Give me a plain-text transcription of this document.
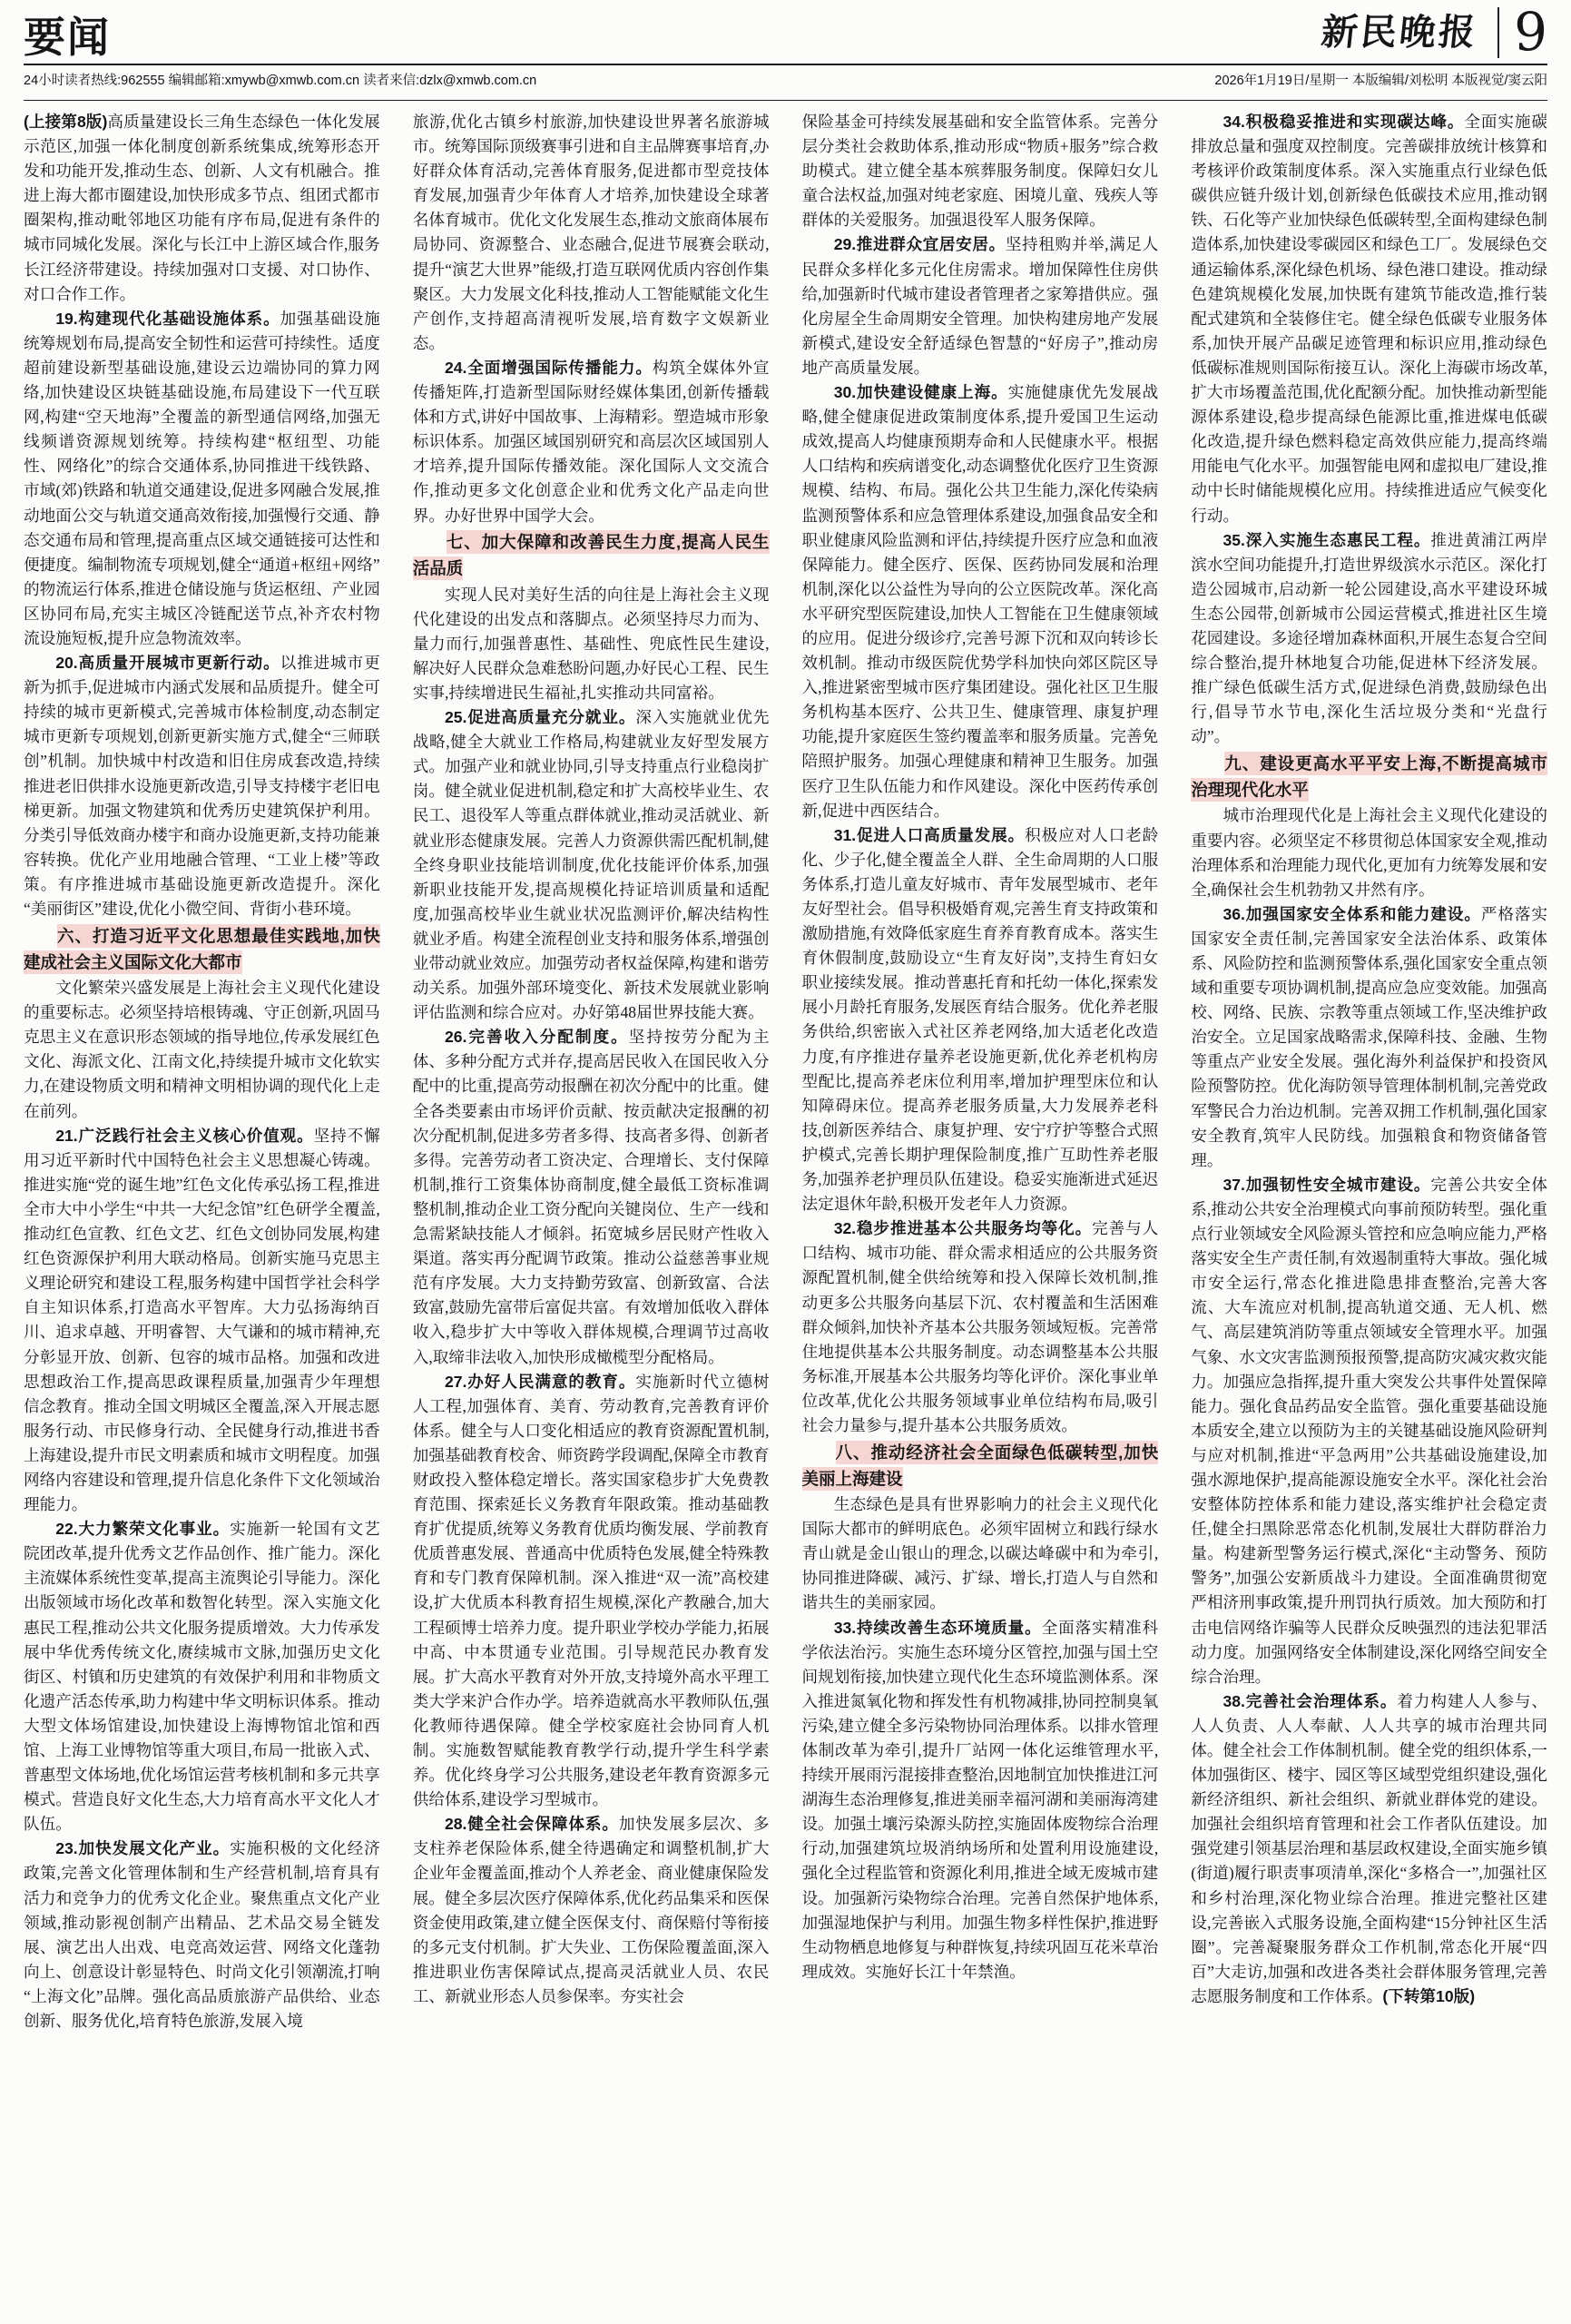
要闻	新民晚报 9
24小时读者热线:962555 编辑邮箱:xmywb@xmwb.com.cn 读者来信:dzlx@xmwb.com.cn	2026年1月19日/星期一 本版编辑/刘松明 本版视觉/窦云阳

(上接第8版)高质量建设长三角生态绿色一体化发展示范区,加强一体化制度创新系统集成,统筹形态开发和功能开发,推动生态、创新、人文有机融合。推进上海大都市圈建设,加快形成多节点、组团式都市圈架构,推动毗邻地区功能有序布局,促进有条件的城市同城化发展。深化与长江中上游区域合作,服务长江经济带建设。持续加强对口支援、对口协作、对口合作工作。

19.构建现代化基础设施体系。加强基础设施统筹规划布局,提高安全韧性和运营可持续性。适度超前建设新型基础设施,建设云边端协同的算力网络,加快建设区块链基础设施,布局建设下一代互联网,构建“空天地海”全覆盖的新型通信网络,加强无线频谱资源规划统筹。持续构建“枢纽型、功能性、网络化”的综合交通体系,协同推进干线铁路、市域(郊)铁路和轨道交通建设,促进多网融合发展,推动地面公交与轨道交通高效衔接,加强慢行交通、静态交通布局和管理,提高重点区域交通链接可达性和便捷度。编制物流专项规划,健全“通道+枢纽+网络”的物流运行体系,推进仓储设施与货运枢纽、产业园区协同布局,充实主城区冷链配送节点,补齐农村物流设施短板,提升应急物流效率。

20.高质量开展城市更新行动。以推进城市更新为抓手,促进城市内涵式发展和品质提升。健全可持续的城市更新模式,完善城市体检制度,动态制定城市更新专项规划,创新更新实施方式,健全“三师联创”机制。加快城中村改造和旧住房成套改造,持续推进老旧供排水设施更新改造,引导支持楼宇老旧电梯更新。加强文物建筑和优秀历史建筑保护利用。分类引导低效商办楼宇和商办设施更新,支持功能兼容转换。优化产业用地融合管理、“工业上楼”等政策。有序推进城市基础设施更新改造提升。深化“美丽街区”建设,优化小微空间、背街小巷环境。

六、打造习近平文化思想最佳实践地,加快建成社会主义国际文化大都市

文化繁荣兴盛发展是上海社会主义现代化建设的重要标志。必须坚持培根铸魂、守正创新,巩固马克思主义在意识形态领域的指导地位,传承发展红色文化、海派文化、江南文化,持续提升城市文化软实力,在建设物质文明和精神文明相协调的现代化上走在前列。

21.广泛践行社会主义核心价值观。坚持不懈用习近平新时代中国特色社会主义思想凝心铸魂。推进实施“党的诞生地”红色文化传承弘扬工程,推进全市大中小学生“中共一大纪念馆”红色研学全覆盖,推动红色宣教、红色文艺、红色文创协同发展,构建红色资源保护利用大联动格局。创新实施马克思主义理论研究和建设工程,服务构建中国哲学社会科学自主知识体系,打造高水平智库。大力弘扬海纳百川、追求卓越、开明睿智、大气谦和的城市精神,充分彰显开放、创新、包容的城市品格。加强和改进思想政治工作,提高思政课程质量,加强青少年理想信念教育。推动全国文明城区全覆盖,深入开展志愿服务行动、市民修身行动、全民健身行动,推进书香上海建设,提升市民文明素质和城市文明程度。加强网络内容建设和管理,提升信息化条件下文化领域治理能力。

22.大力繁荣文化事业。实施新一轮国有文艺院团改革,提升优秀文艺作品创作、推广能力。深化主流媒体系统性变革,提高主流舆论引导能力。深化出版领域市场化改革和数智化转型。深入实施文化惠民工程,推动公共文化服务提质增效。大力传承发展中华优秀传统文化,赓续城市文脉,加强历史文化街区、村镇和历史建筑的有效保护利用和非物质文化遗产活态传承,助力构建中华文明标识体系。推动大型文体场馆建设,加快建设上海博物馆北馆和西馆、上海工业博物馆等重大项目,布局一批嵌入式、普惠型文体场地,优化场馆运营考核机制和多元共享模式。营造良好文化生态,大力培育高水平文化人才队伍。

23.加快发展文化产业。实施积极的文化经济政策,完善文化管理体制和生产经营机制,培育具有活力和竞争力的优秀文化企业。聚焦重点文化产业领域,推动影视创制产出精品、艺术品交易全链发展、演艺出人出戏、电竞高效运营、网络文化蓬勃向上、创意设计彰显特色、时尚文化引领潮流,打响“上海文化”品牌。强化高品质旅游产品供给、业态创新、服务优化,培育特色旅游,发展入境

旅游,优化古镇乡村旅游,加快建设世界著名旅游城市。统筹国际顶级赛事引进和自主品牌赛事培育,办好群众体育活动,完善体育服务,促进都市型竞技体育发展,加强青少年体育人才培养,加快建设全球著名体育城市。优化文化发展生态,推动文旅商体展布局协同、资源整合、业态融合,促进节展赛会联动,提升“演艺大世界”能级,打造互联网优质内容创作集聚区。大力发展文化科技,推动人工智能赋能文化生产创作,支持超高清视听发展,培育数字文娱新业态。

24.全面增强国际传播能力。构筑全媒体外宣传播矩阵,打造新型国际财经媒体集团,创新传播载体和方式,讲好中国故事、上海精彩。塑造城市形象标识体系。加强区域国别研究和高层次区域国别人才培养,提升国际传播效能。深化国际人文交流合作,推动更多文化创意企业和优秀文化产品走向世界。办好世界中国学大会。

七、加大保障和改善民生力度,提高人民生活品质

实现人民对美好生活的向往是上海社会主义现代化建设的出发点和落脚点。必须坚持尽力而为、量力而行,加强普惠性、基础性、兜底性民生建设,解决好人民群众急难愁盼问题,办好民心工程、民生实事,持续增进民生福祉,扎实推动共同富裕。

25.促进高质量充分就业。深入实施就业优先战略,健全大就业工作格局,构建就业友好型发展方式。加强产业和就业协同,引导支持重点行业稳岗扩岗。健全就业促进机制,稳定和扩大高校毕业生、农民工、退役军人等重点群体就业,推动灵活就业、新就业形态健康发展。完善人力资源供需匹配机制,健全终身职业技能培训制度,优化技能评价体系,加强新职业技能开发,提高规模化持证培训质量和适配度,加强高校毕业生就业状况监测评价,解决结构性就业矛盾。构建全流程创业支持和服务体系,增强创业带动就业效应。加强劳动者权益保障,构建和谐劳动关系。加强外部环境变化、新技术发展就业影响评估监测和综合应对。办好第48届世界技能大赛。

26.完善收入分配制度。坚持按劳分配为主体、多种分配方式并存,提高居民收入在国民收入分配中的比重,提高劳动报酬在初次分配中的比重。健全各类要素由市场评价贡献、按贡献决定报酬的初次分配机制,促进多劳者多得、技高者多得、创新者多得。完善劳动者工资决定、合理增长、支付保障机制,推行工资集体协商制度,健全最低工资标准调整机制,推动企业工资分配向关键岗位、生产一线和急需紧缺技能人才倾斜。拓宽城乡居民财产性收入渠道。落实再分配调节政策。推动公益慈善事业规范有序发展。大力支持勤劳致富、创新致富、合法致富,鼓励先富带后富促共富。有效增加低收入群体收入,稳步扩大中等收入群体规模,合理调节过高收入,取缔非法收入,加快形成橄榄型分配格局。

27.办好人民满意的教育。实施新时代立德树人工程,加强体育、美育、劳动教育,完善教育评价体系。健全与人口变化相适应的教育资源配置机制,加强基础教育校舍、师资跨学段调配,保障全市教育财政投入整体稳定增长。落实国家稳步扩大免费教育范围、探索延长义务教育年限政策。推动基础教育扩优提质,统筹义务教育优质均衡发展、学前教育优质普惠发展、普通高中优质特色发展,健全特殊教育和专门教育保障机制。深入推进“双一流”高校建设,扩大优质本科教育招生规模,深化产教融合,加大工程硕博士培养力度。提升职业学校办学能力,拓展中高、中本贯通专业范围。引导规范民办教育发展。扩大高水平教育对外开放,支持境外高水平理工类大学来沪合作办学。培养造就高水平教师队伍,强化教师待遇保障。健全学校家庭社会协同育人机制。实施数智赋能教育教学行动,提升学生科学素养。优化终身学习公共服务,建设老年教育资源多元供给体系,建设学习型城市。

28.健全社会保障体系。加快发展多层次、多支柱养老保险体系,健全待遇确定和调整机制,扩大企业年金覆盖面,推动个人养老金、商业健康保险发展。健全多层次医疗保障体系,优化药品集采和医保资金使用政策,建立健全医保支付、商保赔付等衔接的多元支付机制。扩大失业、工伤保险覆盖面,深入推进职业伤害保障试点,提高灵活就业人员、农民工、新就业形态人员参保率。夯实社会

保险基金可持续发展基础和安全监管体系。完善分层分类社会救助体系,推动形成“物质+服务”综合救助模式。建立健全基本殡葬服务制度。保障妇女儿童合法权益,加强对纯老家庭、困境儿童、残疾人等群体的关爱服务。加强退役军人服务保障。

29.推进群众宜居安居。坚持租购并举,满足人民群众多样化多元化住房需求。增加保障性住房供给,加强新时代城市建设者管理者之家筹措供应。强化房屋全生命周期安全管理。加快构建房地产发展新模式,建设安全舒适绿色智慧的“好房子”,推动房地产高质量发展。

30.加快建设健康上海。实施健康优先发展战略,健全健康促进政策制度体系,提升爱国卫生运动成效,提高人均健康预期寿命和人民健康水平。根据人口结构和疾病谱变化,动态调整优化医疗卫生资源规模、结构、布局。强化公共卫生能力,深化传染病监测预警体系和应急管理体系建设,加强食品安全和职业健康风险监测和评估,持续提升医疗应急和血液保障能力。健全医疗、医保、医药协同发展和治理机制,深化以公益性为导向的公立医院改革。深化高水平研究型医院建设,加快人工智能在卫生健康领域的应用。促进分级诊疗,完善号源下沉和双向转诊长效机制。推动市级医院优势学科加快向郊区院区导入,推进紧密型城市医疗集团建设。强化社区卫生服务机构基本医疗、公共卫生、健康管理、康复护理功能,提升家庭医生签约覆盖率和服务质量。完善免陪照护服务。加强心理健康和精神卫生服务。加强医疗卫生队伍能力和作风建设。深化中医药传承创新,促进中西医结合。

31.促进人口高质量发展。积极应对人口老龄化、少子化,健全覆盖全人群、全生命周期的人口服务体系,打造儿童友好城市、青年发展型城市、老年友好型社会。倡导积极婚育观,完善生育支持政策和激励措施,有效降低家庭生育养育教育成本。落实生育休假制度,鼓励设立“生育友好岗”,支持生育妇女职业接续发展。推动普惠托育和托幼一体化,探索发展小月龄托育服务,发展医育结合服务。优化养老服务供给,织密嵌入式社区养老网络,加大适老化改造力度,有序推进存量养老设施更新,优化养老机构房型配比,提高养老床位利用率,增加护理型床位和认知障碍床位。提高养老服务质量,大力发展养老科技,创新医养结合、康复护理、安宁疗护等整合式照护模式,完善长期护理保险制度,推广互助性养老服务,加强养老护理员队伍建设。稳妥实施渐进式延迟法定退休年龄,积极开发老年人力资源。

32.稳步推进基本公共服务均等化。完善与人口结构、城市功能、群众需求相适应的公共服务资源配置机制,健全供给统筹和投入保障长效机制,推动更多公共服务向基层下沉、农村覆盖和生活困难群众倾斜,加快补齐基本公共服务领域短板。完善常住地提供基本公共服务制度。动态调整基本公共服务标准,开展基本公共服务均等化评价。深化事业单位改革,优化公共服务领域事业单位结构布局,吸引社会力量参与,提升基本公共服务质效。

八、推动经济社会全面绿色低碳转型,加快美丽上海建设

生态绿色是具有世界影响力的社会主义现代化国际大都市的鲜明底色。必须牢固树立和践行绿水青山就是金山银山的理念,以碳达峰碳中和为牵引,协同推进降碳、减污、扩绿、增长,打造人与自然和谐共生的美丽家园。

33.持续改善生态环境质量。全面落实精准科学依法治污。实施生态环境分区管控,加强与国土空间规划衔接,加快建立现代化生态环境监测体系。深入推进氮氧化物和挥发性有机物减排,协同控制臭氧污染,建立健全多污染物协同治理体系。以排水管理体制改革为牵引,提升厂站网一体化运维管理水平,持续开展雨污混接排查整治,因地制宜加快推进江河湖海生态治理修复,推进美丽幸福河湖和美丽海湾建设。加强土壤污染源头防控,实施固体废物综合治理行动,加强建筑垃圾消纳场所和处置利用设施建设,强化全过程监管和资源化利用,推进全域无废城市建设。加强新污染物综合治理。完善自然保护地体系,加强湿地保护与利用。加强生物多样性保护,推进野生动物栖息地修复与种群恢复,持续巩固互花米草治理成效。实施好长江十年禁渔。

34.积极稳妥推进和实现碳达峰。全面实施碳排放总量和强度双控制度。完善碳排放统计核算和考核评价政策制度体系。深入实施重点行业绿色低碳供应链升级计划,创新绿色低碳技术应用,推动钢铁、石化等产业加快绿色低碳转型,全面构建绿色制造体系,加快建设零碳园区和绿色工厂。发展绿色交通运输体系,深化绿色机场、绿色港口建设。推动绿色建筑规模化发展,加快既有建筑节能改造,推行装配式建筑和全装修住宅。健全绿色低碳专业服务体系,加快开展产品碳足迹管理和标识应用,推动绿色低碳标准规则国际衔接互认。深化上海碳市场改革,扩大市场覆盖范围,优化配额分配。加快推动新型能源体系建设,稳步提高绿色能源比重,推进煤电低碳化改造,提升绿色燃料稳定高效供应能力,提高终端用能电气化水平。加强智能电网和虚拟电厂建设,推动中长时储能规模化应用。持续推进适应气候变化行动。

35.深入实施生态惠民工程。推进黄浦江两岸滨水空间功能提升,打造世界级滨水示范区。深化打造公园城市,启动新一轮公园建设,高水平建设环城生态公园带,创新城市公园运营模式,推进社区生境花园建设。多途径增加森林面积,开展生态复合空间综合整治,提升林地复合功能,促进林下经济发展。推广绿色低碳生活方式,促进绿色消费,鼓励绿色出行,倡导节水节电,深化生活垃圾分类和“光盘行动”。

九、建设更高水平平安上海,不断提高城市治理现代化水平

城市治理现代化是上海社会主义现代化建设的重要内容。必须坚定不移贯彻总体国家安全观,推动治理体系和治理能力现代化,更加有力统筹发展和安全,确保社会生机勃勃又井然有序。

36.加强国家安全体系和能力建设。严格落实国家安全责任制,完善国家安全法治体系、政策体系、风险防控和监测预警体系,强化国家安全重点领域和重要专项协调机制,提高应急应变效能。加强高校、网络、民族、宗教等重点领域工作,坚决维护政治安全。立足国家战略需求,保障科技、金融、生物等重点产业安全发展。强化海外利益保护和投资风险预警防控。优化海防领导管理体制机制,完善党政军警民合力治边机制。完善双拥工作机制,强化国家安全教育,筑牢人民防线。加强粮食和物资储备管理。

37.加强韧性安全城市建设。完善公共安全体系,推动公共安全治理模式向事前预防转型。强化重点行业领域安全风险源头管控和应急响应能力,严格落实安全生产责任制,有效遏制重特大事故。强化城市安全运行,常态化推进隐患排查整治,完善大客流、大车流应对机制,提高轨道交通、无人机、燃气、高层建筑消防等重点领域安全管理水平。加强气象、水文灾害监测预报预警,提高防灾减灾救灾能力。加强应急指挥,提升重大突发公共事件处置保障能力。强化食品药品安全监管。强化重要基础设施本质安全,建立以预防为主的关键基础设施风险研判与应对机制,推进“平急两用”公共基础设施建设,加强水源地保护,提高能源设施安全水平。深化社会治安整体防控体系和能力建设,落实维护社会稳定责任,健全扫黑除恶常态化机制,发展壮大群防群治力量。构建新型警务运行模式,深化“主动警务、预防警务”,加强公安新质战斗力建设。全面准确贯彻宽严相济刑事政策,提升刑罚执行质效。加大预防和打击电信网络诈骗等人民群众反映强烈的违法犯罪活动力度。加强网络安全体制建设,深化网络空间安全综合治理。

38.完善社会治理体系。着力构建人人参与、人人负责、人人奉献、人人共享的城市治理共同体。健全社会工作体制机制。健全党的组织体系,一体加强街区、楼宇、园区等区域型党组织建设,强化新经济组织、新社会组织、新就业群体党的建设。加强社会组织培育管理和社会工作者队伍建设。加强党建引领基层治理和基层政权建设,全面实施乡镇(街道)履行职责事项清单,深化“多格合一”,加强社区和乡村治理,深化物业综合治理。推进完整社区建设,完善嵌入式服务设施,全面构建“15分钟社区生活圈”。完善凝聚服务群众工作机制,常态化开展“四百”大走访,加强和改进各类社会群体服务管理,完善志愿服务制度和工作体系。(下转第10版)
